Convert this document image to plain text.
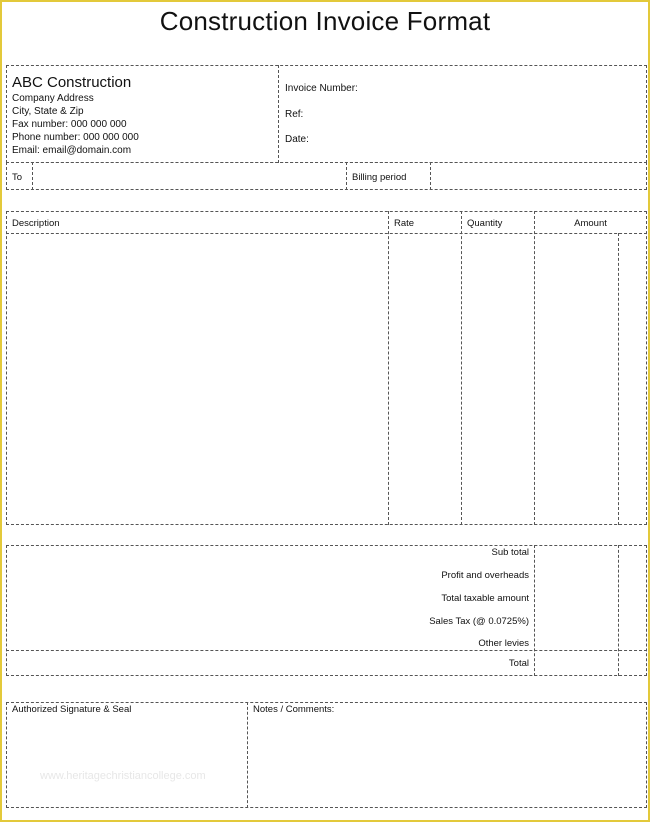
Construction Invoice Format
ABC Construction
Company Address
City, State & Zip
Fax number: 000 000 000
Phone number: 000 000 000
Email: email@domain.com
Invoice Number:
Ref:
Date:
To	Billing period
Description	Rate	Quantity	Amount
Sub total
Profit and overheads
Total taxable amount
Sales Tax (@ 0.0725%)
Other levies
Total
Authorized Signature & Seal	Notes / Comments:
www.heritagechristiancollege.com
